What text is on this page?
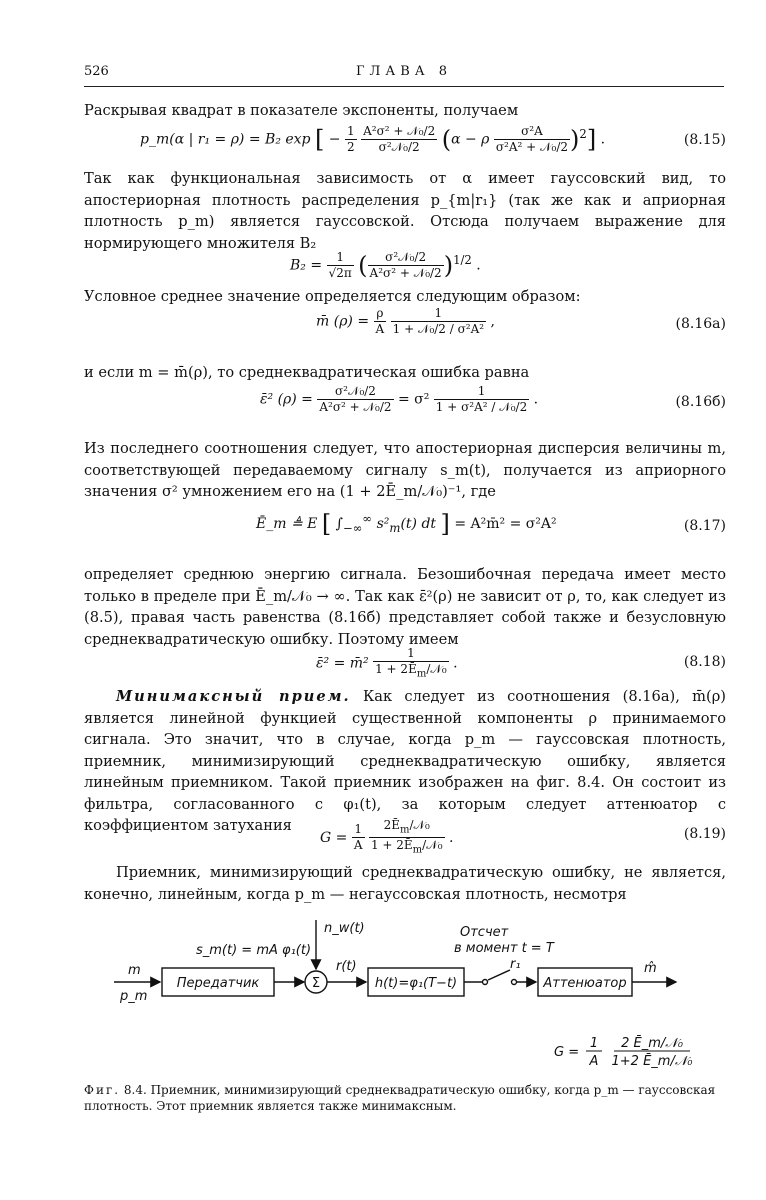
526	ГЛАВА 8

Раскрывая квадрат в показателе экспоненты, получаем

p_m(α | r₁ = ρ) = B₂ exp [ − $\frac{1}{2}$
$\frac{\text{A²σ² + 𝒩₀/2}}{\text{σ²𝒩₀/2}} (\alpha - \rho \frac{\text{σ²A}}{\text{σ²A² + 𝒩₀/2}} )^2$] .	(8.15)

Так как функциональная зависимость от α имеет гауссовский вид, то апостериорная плотность распределения p_{m|r₁} (так же как и априорная плотность p_m) является гауссовской. Отсюда получаем выражение для нормирующего множителя B₂

$B_2 = \frac{1}{√2\pi}$ ( $\frac{\text{σ²𝒩₀/2}}{\text{A²σ² + 𝒩₀/2}} )^{1/2}$ .

Условное среднее значение определяется следующим образом:

m̄ $(\rho) = \frac{\rho}{A}$
$\frac{1}{\text{1 + 𝒩₀/2 / σ²A²}}$ ,	(8.16а)

и если m = m̄(ρ), то среднеквадратическая ошибка равна

ε̄² $(\rho) = \frac{\text{σ²𝒩₀/2}}{\text{A²σ² + 𝒩₀/2}} = \sigma^2 \frac{1}{\text{1 + σ²A² / 𝒩₀/2}}$ .	(8.16б)

Из последнего соотношения следует, что апостериорная дисперсия величины m, соответствующей передаваемому сигналу s_m(t), получается из априорного значения σ² умножением его на (1 + 2Ē_m/𝒩₀)⁻¹, где

Ē_m ≜ E [ $\int_{-\infty}^\infty$ $s^2_m(t)$ dt ] = A²m̄² = σ²A²	(8.17)

определяет среднюю энергию сигнала. Безошибочная передача имеет место только в пределе при Ē_m/𝒩₀ → ∞. Так как ε̄²(ρ) не зависит от ρ, то, как следует из (8.5), правая часть равенства (8.16б) представляет собой также и безусловную среднеквадратическую ошибку. Поэтому имеем

ε̄² = m̄² $\frac{1}{1 + 2Ē_m/𝒩_0}$ .	(8.18)

Минимаксный прием. Как следует из соотношения (8.16а), m̄(ρ) является линейной функцией существенной компоненты ρ принимаемого сигнала. Это значит, что в случае, когда p_m — гауссовская плотность, приемник, минимизирующий среднеквадратическую ошибку, является линейным приемником. Такой приемник изображен на фиг. 8.4. Он состоит из фильтра, согласованного с φ₁(t), за которым следует аттенюатор с коэффициентом затухания

$G = \frac{1}{A}$
$\frac{2Ē_m/𝒩_0}{1 + 2Ē_m/𝒩_0}$ .	(8.19)

Приемник, минимизирующий среднеквадратическую ошибку, не является, конечно, линейным, когда p_m — негауссовская плотность, несмотря

m
p_m
Передатчик
s_m(t) = mA φ₁(t)
n_w(t)
Σ
r(t)
h(t)=φ₁(T−t)
Отсчет
в момент t = T
r₁
Аттенюатор
m̂
G =
1
A
2 Ē_m/𝒩₀
1+2 Ē_m/𝒩₀
Фиг. 8.4. Приемник, минимизирующий среднеквадратическую ошибку, когда p_m — гауссовская плотность. Этот приемник является также минимаксным.
